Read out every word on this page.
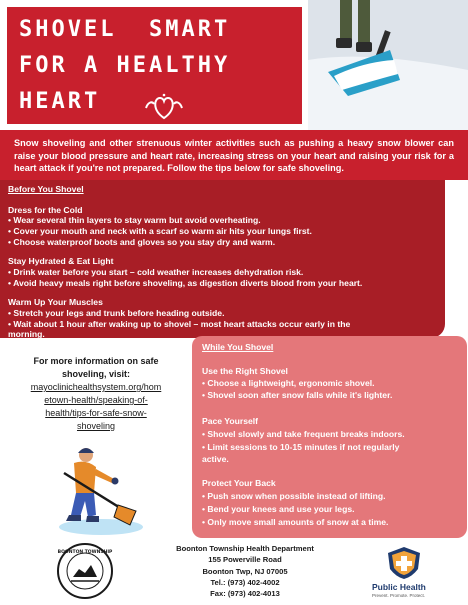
SHOVEL  SMART
FOR A HEALTHY
HEART
Snow shoveling and other strenuous winter activities such as pushing a heavy snow blower can raise your blood pressure and heart rate, increasing stress on your heart and raising your risk for a heart attack if you're not prepared. Follow the tips below for safe shoveling.
Before You Shovel
Dress for the Cold
• Wear several thin layers to stay warm but avoid overheating.
• Cover your mouth and neck with a scarf so warm air hits your lungs first.
• Choose waterproof boots and gloves so you stay dry and warm.
Stay Hydrated & Eat Light
• Drink water before you start – cold weather increases dehydration risk.
• Avoid heavy meals right before shoveling, as digestion diverts blood from your heart.
Warm Up Your Muscles
• Stretch your legs and trunk before heading outside.
• Wait about 1 hour after waking up to shovel – most heart attacks occur early in the
morning.
For more information on safe
shoveling, visit:
mayoclinichealthsystem.org/hom
etown-health/speaking-of-
health/tips-for-safe-snow-
shoveling
While You Shovel
Use the Right Shovel
• Choose a lightweight, ergonomic shovel.
• Shovel soon after snow falls while it's lighter.
Pace Yourself
• Shovel slowly and take frequent breaks indoors.
• Limit sessions to 10-15 minutes if not regularly
active.
Protect Your Back
• Push snow when possible instead of lifting.
• Bend your knees and use your legs.
• Only move small amounts of snow at a time.
BOONTON TOWNSHIP	Boonton Township Health Department
155 Powerville Road
Boonton Twp, NJ 07005
Tel.: (973) 402-4002
Fax: (973) 402-4013
Public Health
Prevent. Promote. Protect.
